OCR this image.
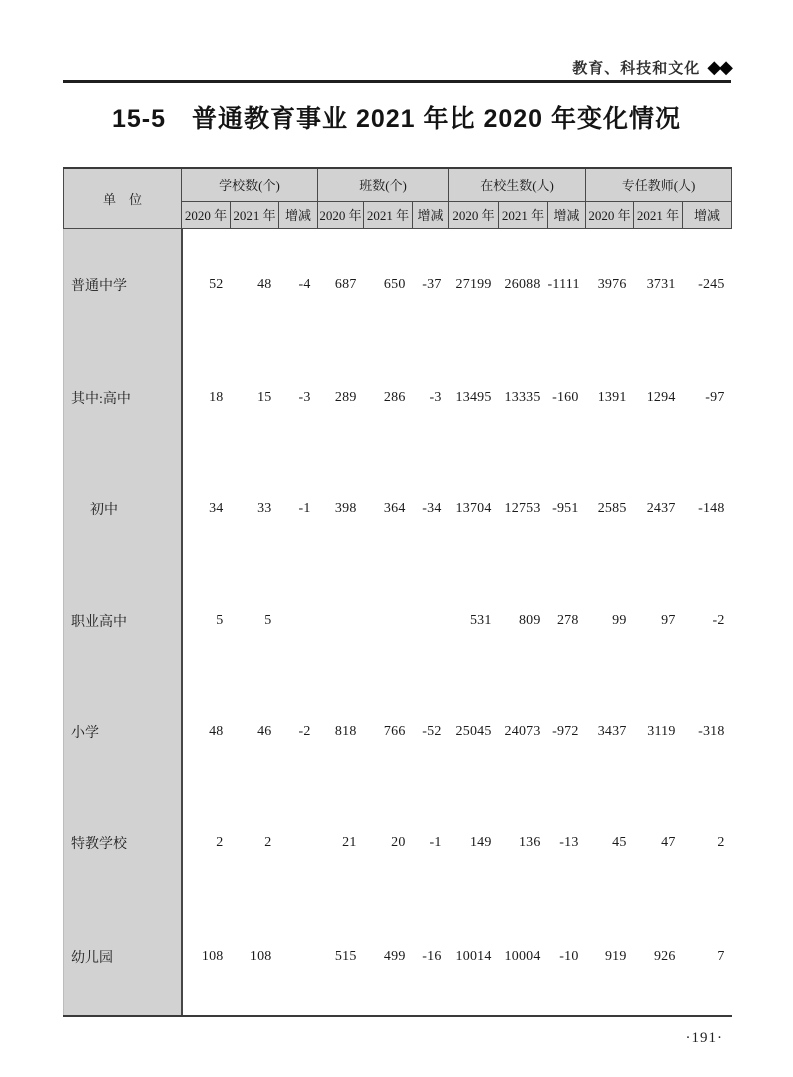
教育、科技和文化 ◆◆
15-5　普通教育事业 2021 年比 2020 年变化情况
单　位	学校数(个)			班数(个)			在校生数(人)			专任教师(人)		
	2020 年	2021 年	增减	2020 年	2021 年	增减	2020 年	2021 年	增减	2020 年	2021 年	增减
普通中学	52	48	-4	687	650	-37	27199	26088	-1111	3976	3731	-245
其中:高中	18	15	-3	289	286	-3	13495	13335	-160	1391	1294	-97
初中	34	33	-1	398	364	-34	13704	12753	-951	2585	2437	-148
职业高中	5	5					531	809	278	99	97	-2
小学	48	46	-2	818	766	-52	25045	24073	-972	3437	3119	-318
特教学校	2	2		21	20	-1	149	136	-13	45	47	2
幼儿园	108	108		515	499	-16	10014	10004	-10	919	926	7
·191·
